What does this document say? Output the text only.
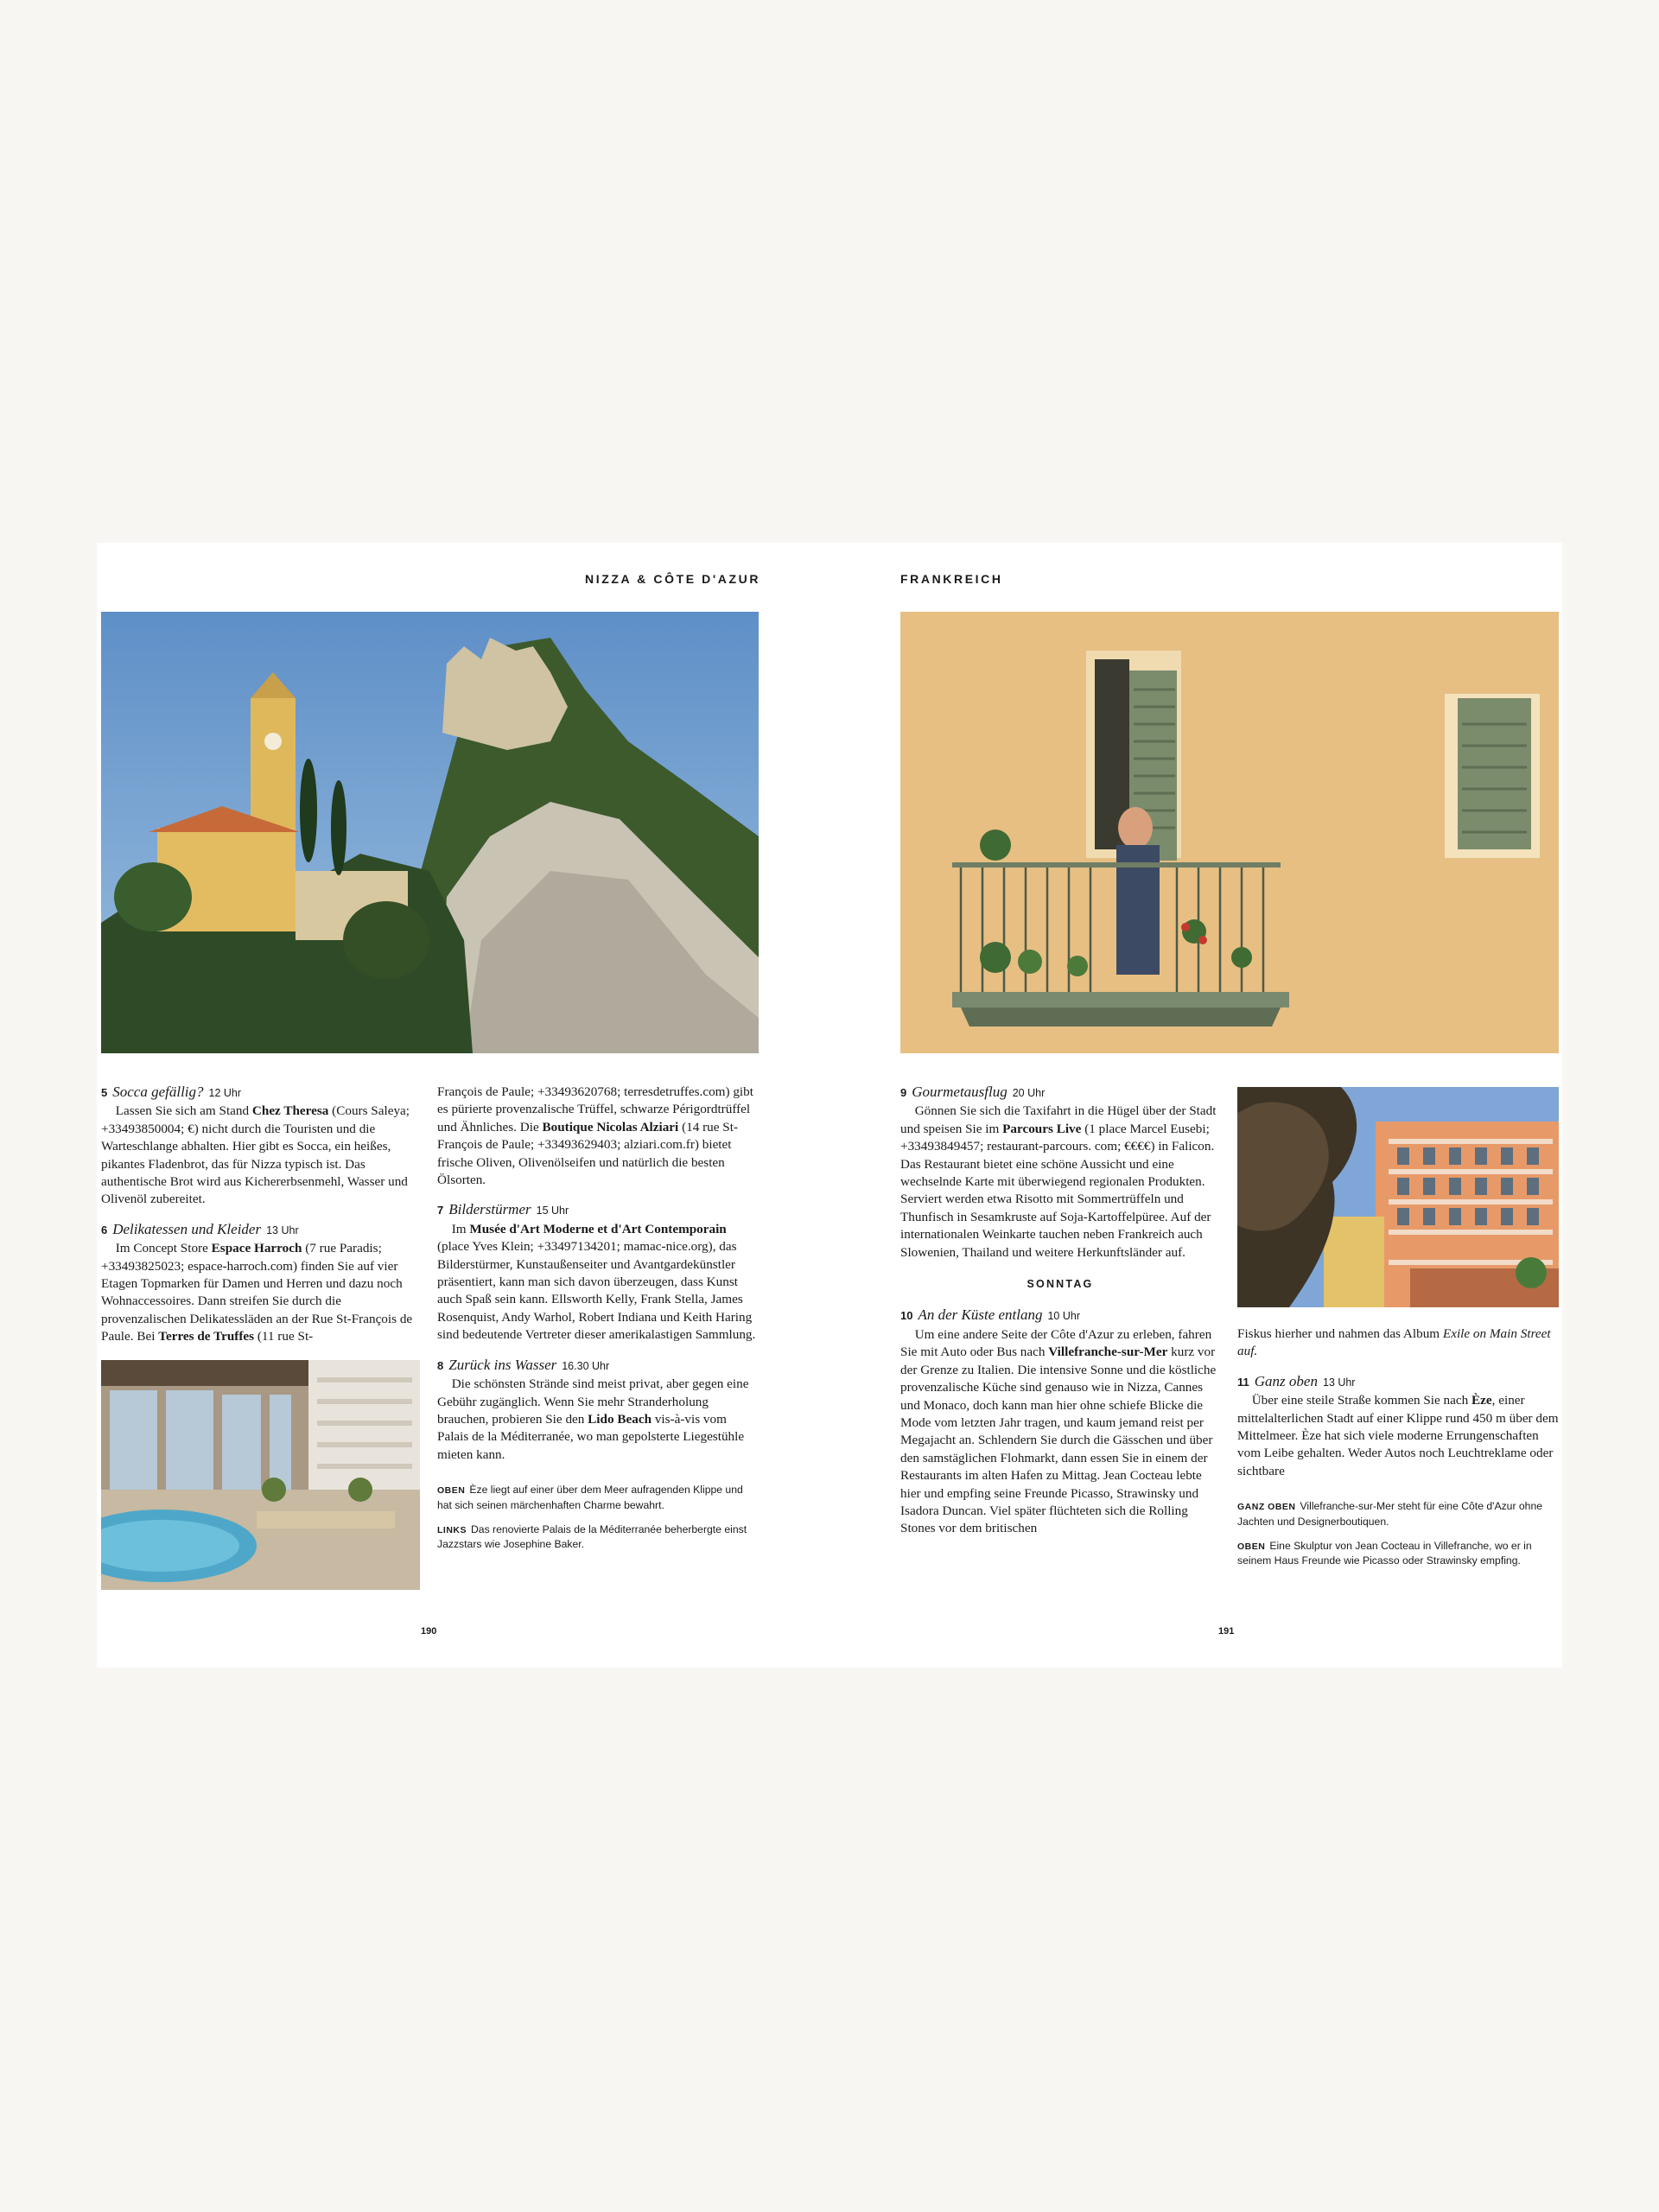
NIZZA & CÔTE D'AZUR
5 Socca gefällig? 12 Uhr

Lassen Sie sich am Stand Chez Theresa (Cours Saleya; +33493850004; €) nicht durch die Touristen und die Warteschlange abhalten. Hier gibt es Socca, ein heißes, pikantes Fladenbrot, das für Nizza typisch ist. Das authentische Brot wird aus Kichererbsenmehl, Wasser und Olivenöl zubereitet.

6 Delikatessen und Kleider 13 Uhr

Im Concept Store Espace Harroch (7 rue Paradis; +33493825023; espace-harroch.com) finden Sie auf vier Etagen Topmarken für Damen und Herren und dazu noch Wohnaccessoires. Dann streifen Sie durch die provenzalischen Delikatessläden an der Rue St-François de Paule. Bei Terres de Truffes (11 rue St-

François de Paule; +33493620768; terresdetruffes.com) gibt es pürierte provenzalische Trüffel, schwarze Périgordtrüffel und Ähnliches. Die Boutique Nicolas Alziari (14 rue St-François de Paule; +33493629403; alziari.com.fr) bietet frische Oliven, Olivenölseifen und natürlich die besten Ölsorten.

7 Bilderstürmer 15 Uhr

Im Musée d'Art Moderne et d'Art Contemporain (place Yves Klein; +33497134201; mamac-nice.org), das Bilderstürmer, Kunstaußenseiter und Avantgardekünstler präsentiert, kann man sich davon überzeugen, dass Kunst auch Spaß sein kann. Ellsworth Kelly, Frank Stella, James Rosenquist, Andy Warhol, Robert Indiana und Keith Haring sind bedeutende Vertreter dieser amerikalastigen Sammlung.

8 Zurück ins Wasser 16.30 Uhr

Die schönsten Strände sind meist privat, aber gegen eine Gebühr zugänglich. Wenn Sie mehr Stranderholung brauchen, probieren Sie den Lido Beach vis-à-vis vom Palais de la Méditerranée, wo man gepolsterte Liegestühle mieten kann.

OBEN Èze liegt auf einer über dem Meer aufragenden Klippe und hat sich seinen märchenhaften Charme bewahrt.
LINKS Das renovierte Palais de la Méditerranée beherbergte einst Jazzstars wie Josephine Baker.
190
FRANKREICH
9 Gourmetausflug 20 Uhr

Gönnen Sie sich die Taxifahrt in die Hügel über der Stadt und speisen Sie im Parcours Live (1 place Marcel Eusebi; +33493849457; restaurant-parcours. com; €€€€) in Falicon. Das Restaurant bietet eine schöne Aussicht und eine wechselnde Karte mit überwiegend regionalen Produkten. Serviert werden etwa Risotto mit Sommertrüffeln und Thunfisch in Sesamkruste auf Soja-Kartoffelpüree. Auf der internationalen Weinkarte tauchen neben Frankreich auch Slowenien, Thailand und weitere Herkunftsländer auf.

SONNTAG
10 An der Küste entlang 10 Uhr

Um eine andere Seite der Côte d'Azur zu erleben, fahren Sie mit Auto oder Bus nach Villefranche-sur-Mer kurz vor der Grenze zu Italien. Die intensive Sonne und die köstliche provenzalische Küche sind genauso wie in Nizza, Cannes und Monaco, doch kann man hier ohne schiefe Blicke die Mode vom letzten Jahr tragen, und kaum jemand reist per Megajacht an. Schlendern Sie durch die Gässchen und über den samstäglichen Flohmarkt, dann essen Sie in einem der Restaurants im alten Hafen zu Mittag. Jean Cocteau lebte hier und empfing seine Freunde Picasso, Strawinsky und Isadora Duncan. Viel später flüchteten sich die Rolling Stones vor dem britischen

Fiskus hierher und nahmen das Album Exile on Main Street auf.

11 Ganz oben 13 Uhr

Über eine steile Straße kommen Sie nach Èze, einer mittelalterlichen Stadt auf einer Klippe rund 450 m über dem Mittelmeer. Èze hat sich viele moderne Errungenschaften vom Leibe gehalten. Weder Autos noch Leuchtreklame oder sichtbare

GANZ OBEN Villefranche-sur-Mer steht für eine Côte d'Azur ohne Jachten und Designerboutiquen.
OBEN Eine Skulptur von Jean Cocteau in Villefranche, wo er in seinem Haus Freunde wie Picasso oder Strawinsky empfing.
191
